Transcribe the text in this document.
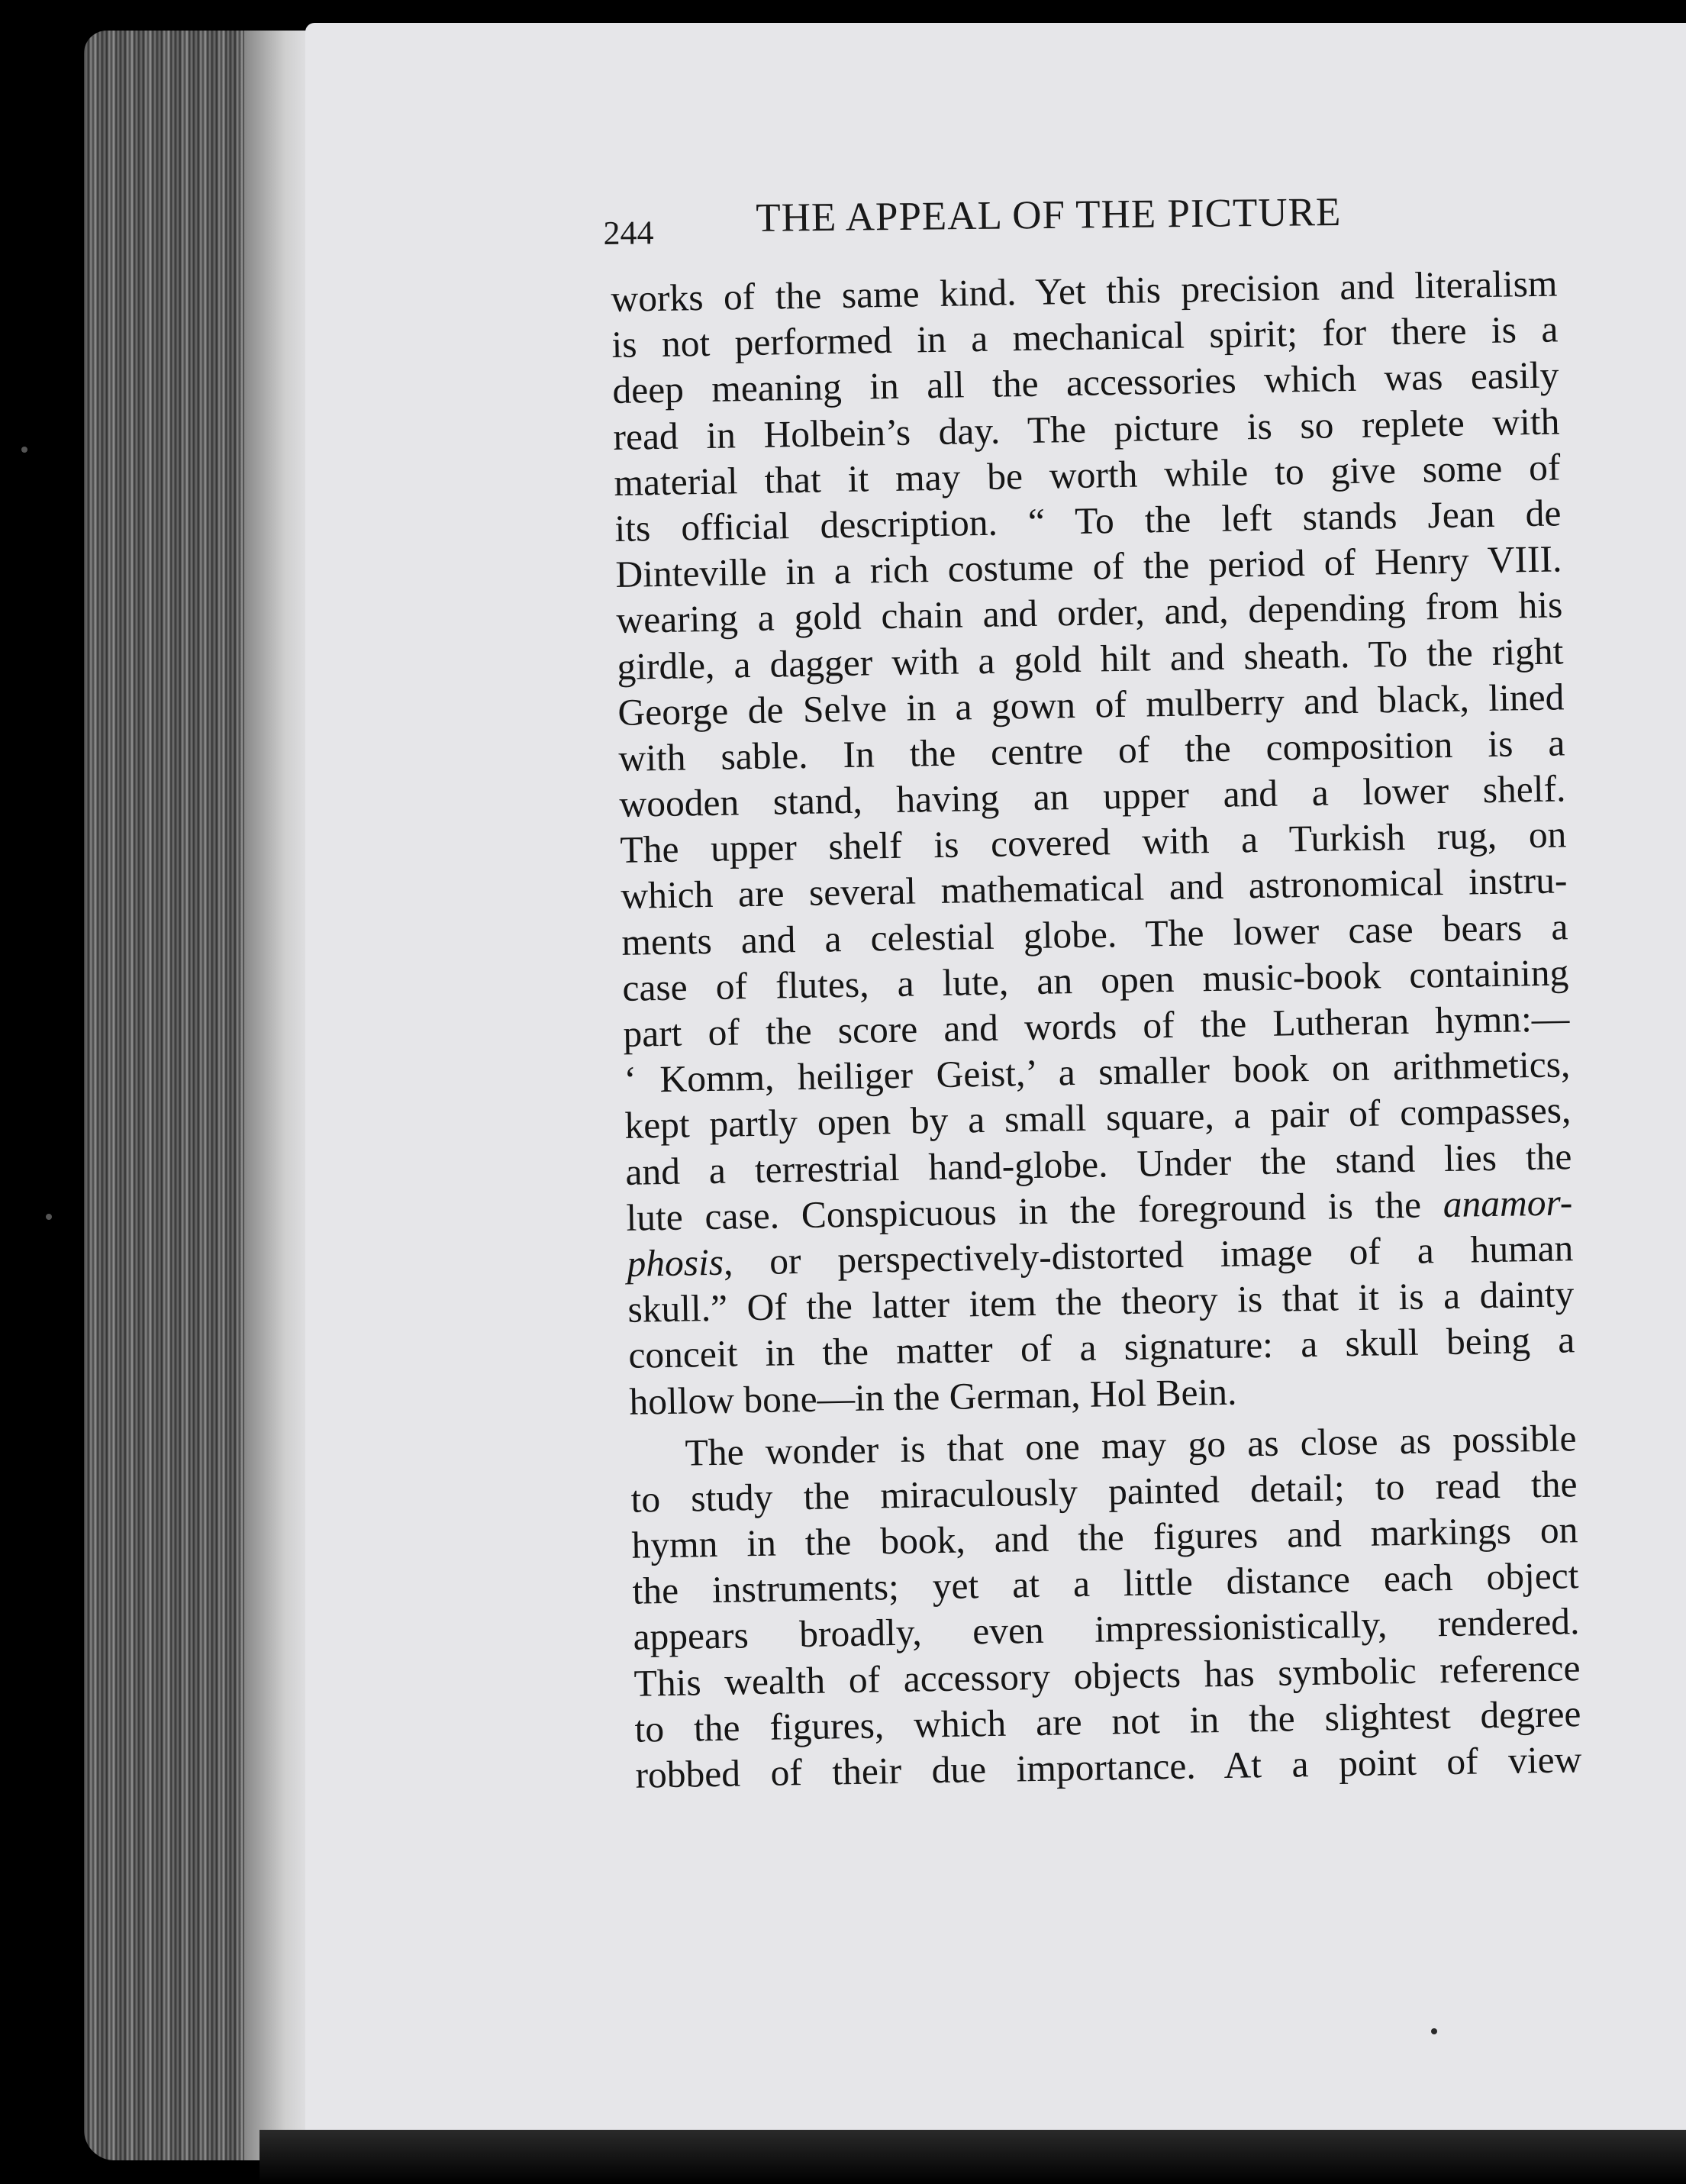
244	THE APPEAL OF THE PICTURE
works of the same kind. Yet this precision and literalism
is not performed in a mechanical spirit; for there is a
deep meaning in all the accessories which was easily
read in Holbein’s day. The picture is so replete with
material that it may be worth while to give some of
its official description. “ To the left stands Jean de
Dinteville in a rich costume of the period of Henry VIII.
wearing a gold chain and order, and, depending from his
girdle, a dagger with a gold hilt and sheath. To the right
George de Selve in a gown of mulberry and black, lined
with sable. In the centre of the composition is a
wooden stand, having an upper and a lower shelf.
The upper shelf is covered with a Turkish rug, on
which are several mathematical and astronomical instru-
ments and a celestial globe. The lower case bears a
case of flutes, a lute, an open music-book containing
part of the score and words of the Lutheran hymn:—
‘ Komm, heiliger Geist,’ a smaller book on arithmetics,
kept partly open by a small square, a pair of compasses,
and a terrestrial hand-globe. Under the stand lies the
lute case. Conspicuous in the foreground is the anamor-
phosis, or perspectively-distorted image of a human
skull.” Of the latter item the theory is that it is a dainty
conceit in the matter of a signature: a skull being a
hollow bone—in the German, Hol Bein.
The wonder is that one may go as close as possible
to study the miraculously painted detail; to read the
hymn in the book, and the figures and markings on
the instruments; yet at a little distance each object
appears broadly, even impressionistically, rendered.
This wealth of accessory objects has symbolic reference
to the figures, which are not in the slightest degree
robbed of their due importance. At a point of view
